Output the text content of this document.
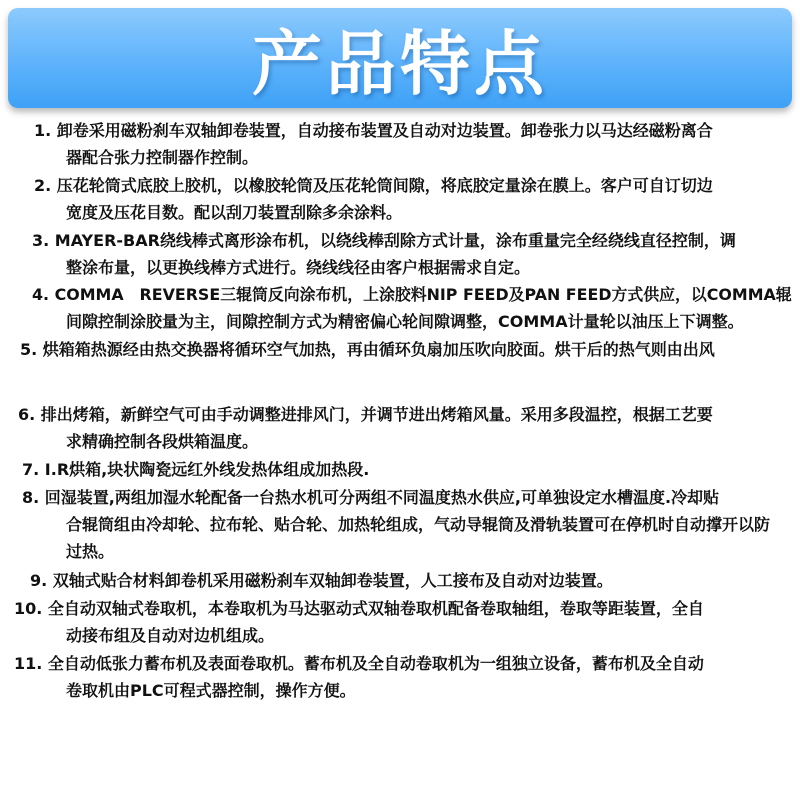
产品特点
1. 卸卷采用磁粉刹车双轴卸卷装置，自动接布装置及自动对边装置。卸卷张力以马达经磁粉离合
器配合张力控制器作控制。
2. 压花轮筒式底胶上胶机，以橡胶轮筒及压花轮筒间隙，将底胶定量涂在膜上。客户可自订切边
宽度及压花目数。配以刮刀装置刮除多余涂料。
3. MAYER-BAR绕线棒式离形涂布机，以绕线棒刮除方式计量，涂布重量完全经绕线直径控制，调
整涂布量，以更换线棒方式进行。绕线线径由客户根据需求自定。
4. COMMA　REVERSE三辊筒反向涂布机，上涂胶料NIP FEED及PAN FEED方式供应，以COMMA辊
间隙控制涂胶量为主，间隙控制方式为精密偏心轮间隙调整，COMMA计量轮以油压上下调整。
5. 烘箱箱热源经由热交换器将循环空气加热，再由循环负扇加压吹向胶面。烘干后的热气则由出风
6. 排出烤箱，新鲜空气可由手动调整进排风门，并调节进出烤箱风量。采用多段温控，根据工艺要
求精确控制各段烘箱温度。
7. I.R烘箱,块状陶瓷远红外线发热体组成加热段.
8. 回湿装置,两组加湿水轮配备一台热水机可分两组不同温度热水供应,可单独设定水槽温度.冷却贴
合辊筒组由冷却轮、拉布轮、贴合轮、加热轮组成，气动导辊筒及滑轨装置可在停机时自动撑开以防
过热。
9. 双轴式贴合材料卸卷机采用磁粉刹车双轴卸卷装置，人工接布及自动对边装置。
10. 全自动双轴式卷取机，本卷取机为马达驱动式双轴卷取机配备卷取轴组，卷取等距装置，全自
动接布组及自动对边机组成。
11. 全自动低张力蓄布机及表面卷取机。蓄布机及全自动卷取机为一组独立设备，蓄布机及全自动
卷取机由PLC可程式器控制，操作方便。
